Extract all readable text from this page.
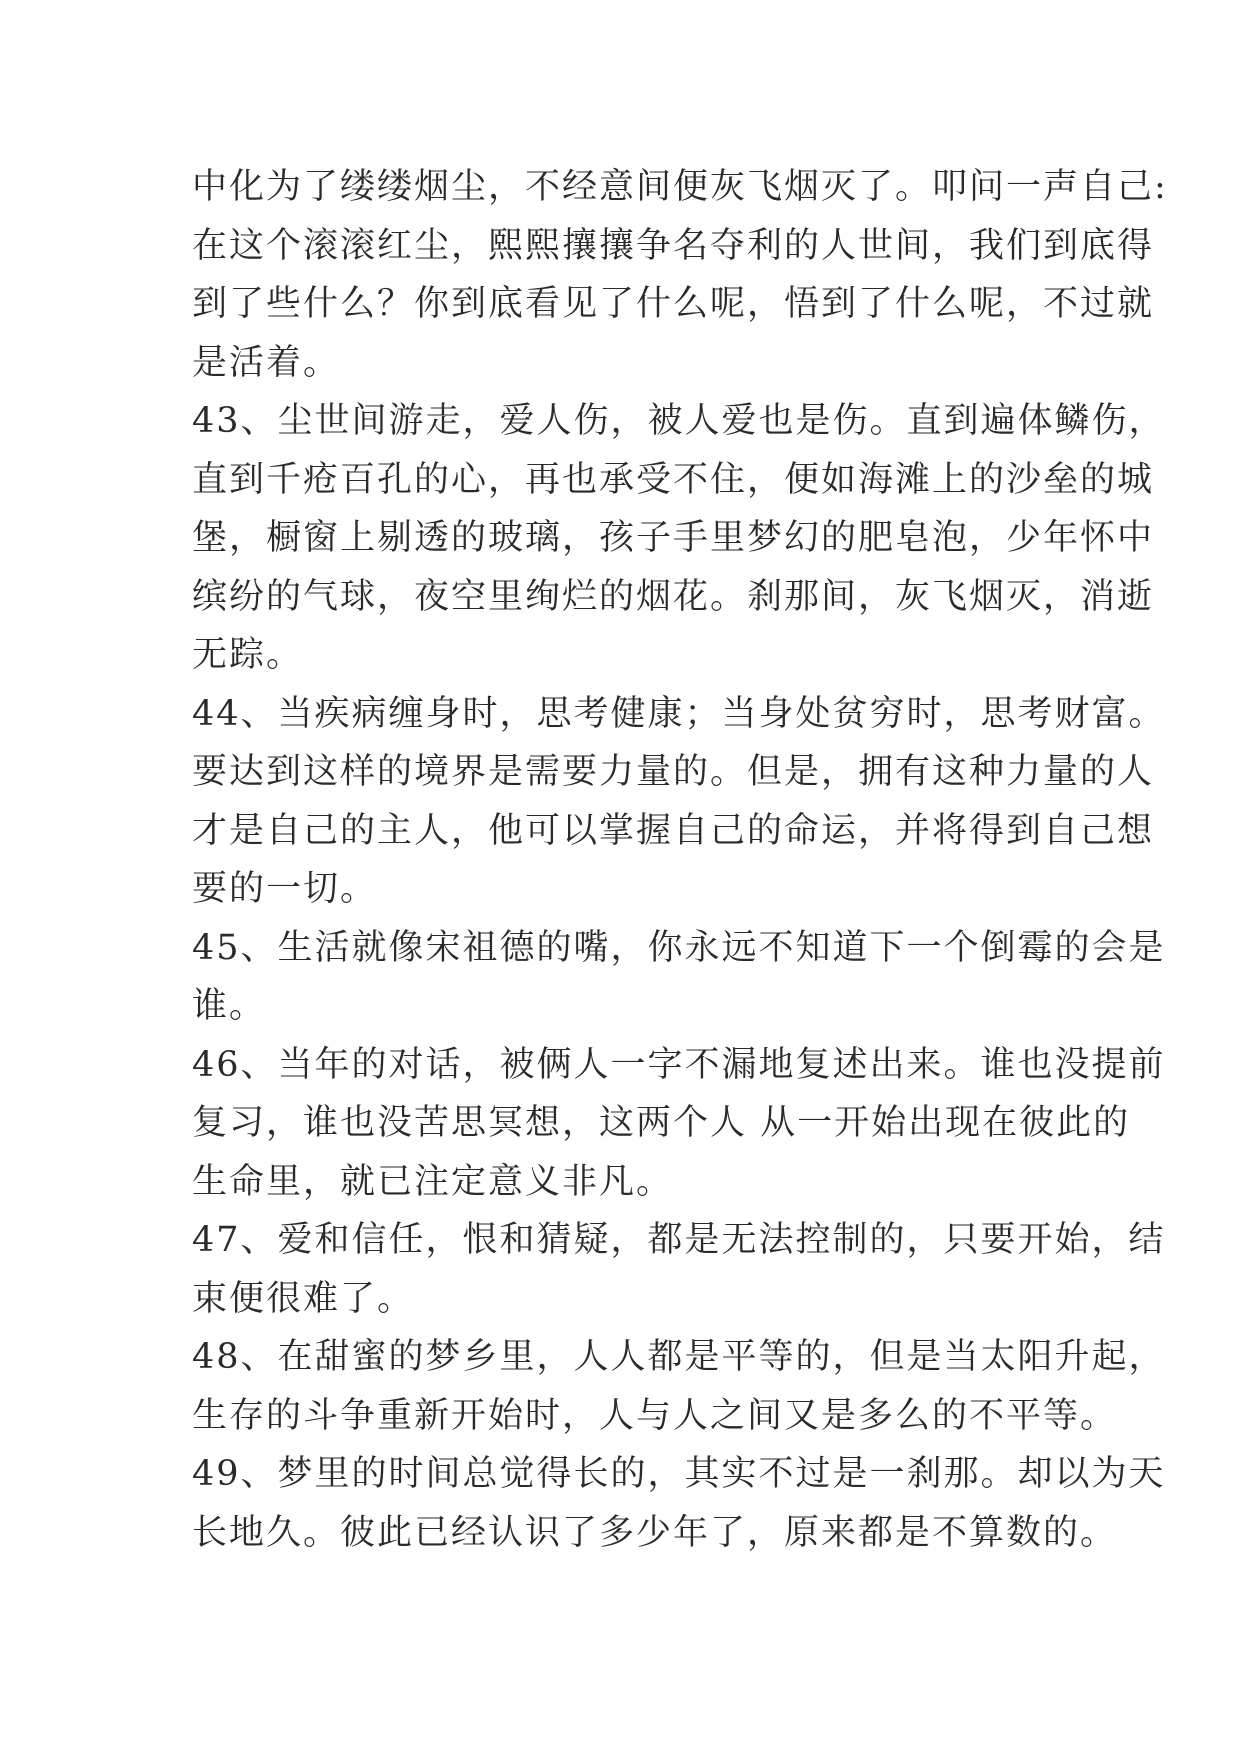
中化为了缕缕烟尘，不经意间便灰飞烟灭了。叩问一声自己:
在这个滚滚红尘，熙熙攘攘争名夺利的人世间，我们到底得
到了些什么？你到底看见了什么呢，悟到了什么呢，不过就
是活着。

43、尘世间游走，爱人伤，被人爱也是伤。直到遍体鳞伤，
直到千疮百孔的心，再也承受不住，便如海滩上的沙垒的城
堡，橱窗上剔透的玻璃，孩子手里梦幻的肥皂泡，少年怀中
缤纷的气球，夜空里绚烂的烟花。刹那间，灰飞烟灭，消逝
无踪。

44、当疾病缠身时，思考健康；当身处贫穷时，思考财富。
要达到这样的境界是需要力量的。但是，拥有这种力量的人
才是自己的主人，他可以掌握自己的命运，并将得到自己想
要的一切。

45、生活就像宋祖德的嘴，你永远不知道下一个倒霉的会是
谁。

46、当年的对话，被俩人一字不漏地复述出来。谁也没提前
复习，谁也没苦思冥想，这两个人 从一开始出现在彼此的
生命里，就已注定意义非凡。

47、爱和信任，恨和猜疑，都是无法控制的，只要开始，结
束便很难了。

48、在甜蜜的梦乡里，人人都是平等的，但是当太阳升起，
生存的斗争重新开始时，人与人之间又是多么的不平等。

49、梦里的时间总觉得长的，其实不过是一刹那。却以为天
长地久。彼此已经认识了多少年了，原来都是不算数的。
